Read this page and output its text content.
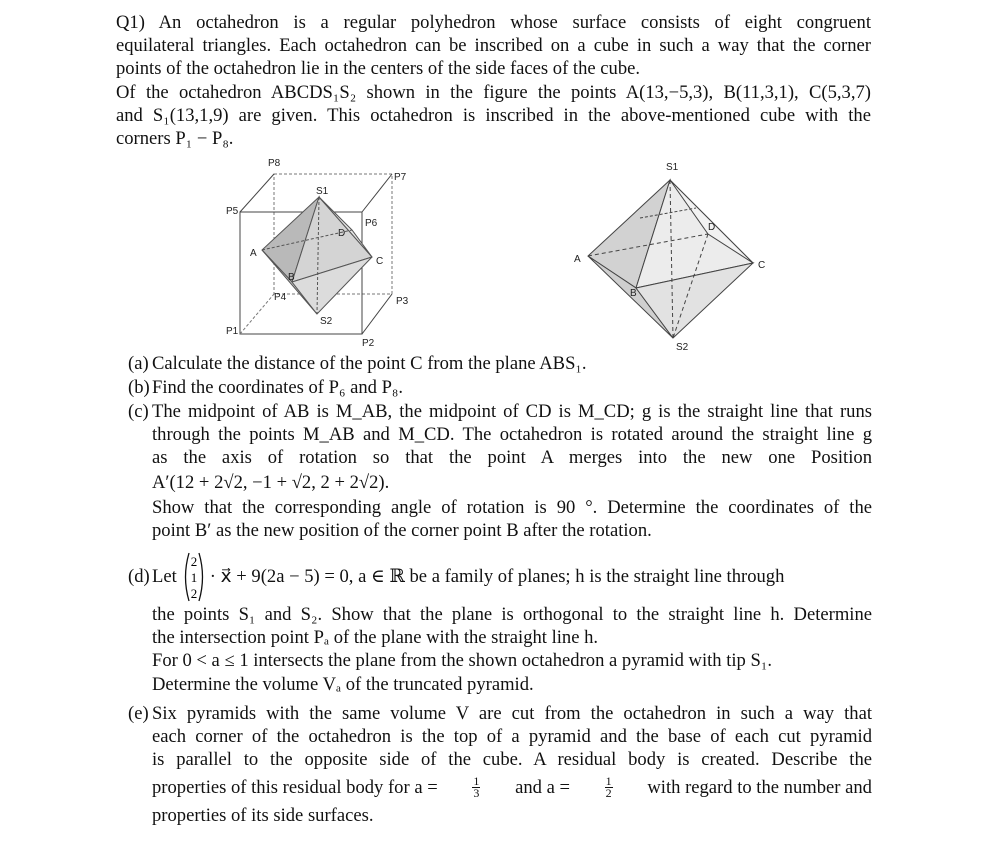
Q1) An octahedron is a regular polyhedron whose surface consists of eight congruent
equilateral triangles. Each octahedron can be inscribed on a cube in such a way that the corner
points of the octahedron lie in the centers of the side faces of the cube.
Of the octahedron ABCDS₁S₂ shown in the figure the points A(13,−5,3), B(11,3,1), C(5,3,7)
and S₁(13,1,9) are given. This octahedron is inscribed in the above-mentioned cube with the
corners P₁ − P₈.
P8
P7
S1
P5
P6
D
A
C
B
P4	P3
S2
P1
P2
S1
D
A
C
B
S2
(a) Calculate the distance of the point C from the plane ABS₁.
(b) Find the coordinates of P₆ and P₈.
(c) The midpoint of AB is M_AB, the midpoint of CD is M_CD; g is the straight line that runs
through the points M_AB and M_CD. The octahedron is rotated around the straight line g
as the axis of rotation so that the point A merges into the new one Position
A′(12 + 2√2, −1 + √2, 2 + 2√2).
Show that the corresponding angle of rotation is 90 °. Determine the coordinates of the
point B′ as the new position of the corner point B after the rotation.
(d) Let
2
1
2
· x⃗ + 9(2a − 5) = 0, a ∈ ℝ be a family of planes; h is the straight line through
the points S₁ and S₂. Show that the plane is orthogonal to the straight line h. Determine
the intersection point Pₐ of the plane with the straight line h.
For 0 < a ≤ 1 intersects the plane from the shown octahedron a pyramid with tip S₁.
Determine the volume Vₐ of the truncated pyramid.
(e) Six pyramids with the same volume V are cut from the octahedron in such a way that
each corner of the octahedron is the top of a pyramid and the base of each cut pyramid
is parallel to the opposite side of the cube. A residual body is created. Describe the
properties of this residual body for a =	$\frac{1}{3}$ and a =	$\frac{1}{2}$ with regard to the number and
properties of its side surfaces.
